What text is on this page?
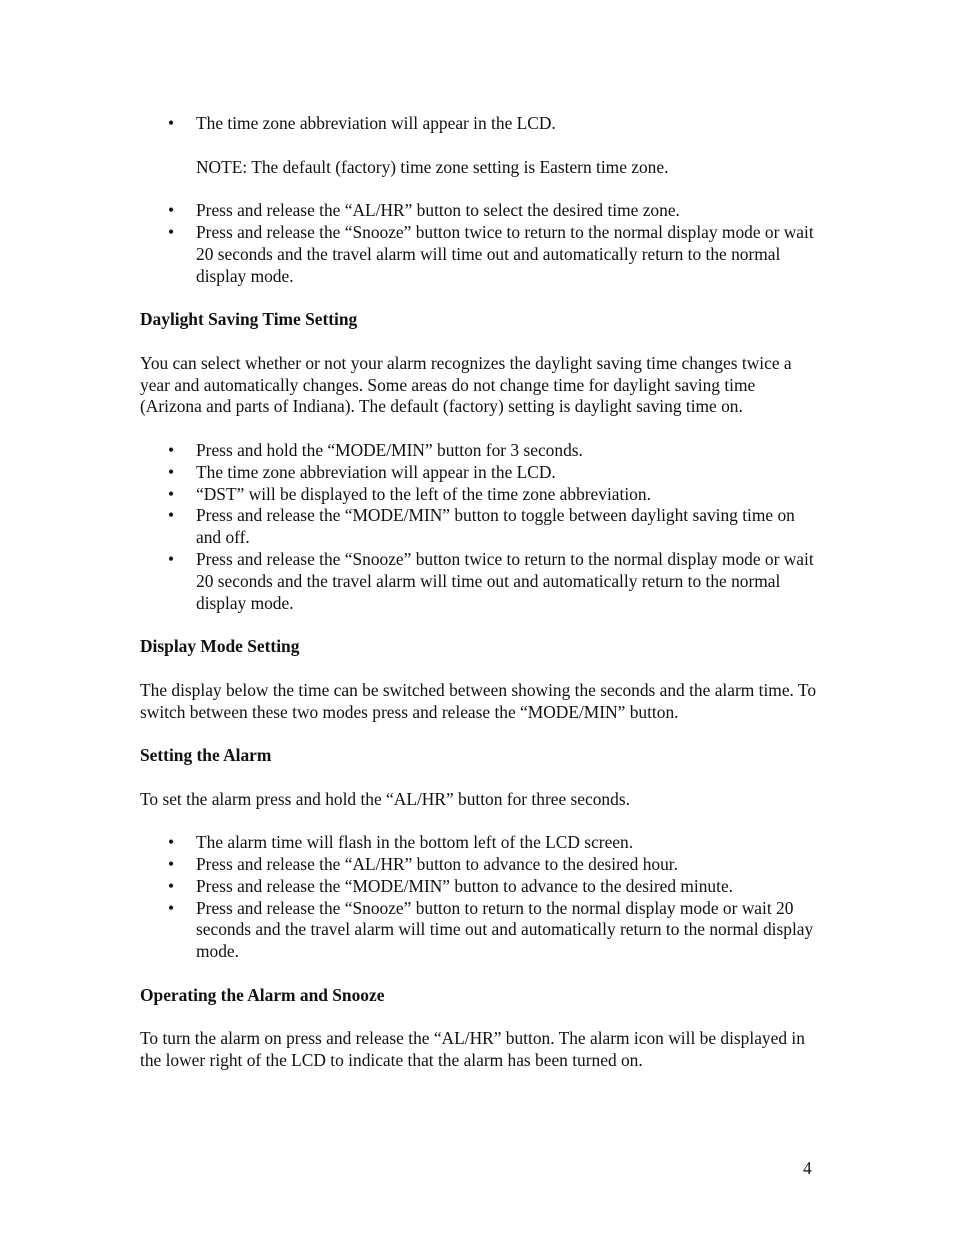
• The time zone abbreviation will appear in the LCD.

NOTE: The default (factory) time zone setting is Eastern time zone.

• Press and release the “AL/HR” button to select the desired time zone.
• Press and release the “Snooze” button twice to return to the normal display mode or wait 20 seconds and the travel alarm will time out and automatically return to the normal display mode.

Daylight Saving Time Setting

You can select whether or not your alarm recognizes the daylight saving time changes twice a year and automatically changes. Some areas do not change time for daylight saving time (Arizona and parts of Indiana). The default (factory) setting is daylight saving time on.

• Press and hold the “MODE/MIN” button for 3 seconds.
• The time zone abbreviation will appear in the LCD.
• “DST” will be displayed to the left of the time zone abbreviation.
• Press and release the “MODE/MIN” button to toggle between daylight saving time on and off.
• Press and release the “Snooze” button twice to return to the normal display mode or wait 20 seconds and the travel alarm will time out and automatically return to the normal display mode.

Display Mode Setting

The display below the time can be switched between showing the seconds and the alarm time. To switch between these two modes press and release the “MODE/MIN” button.

Setting the Alarm

To set the alarm press and hold the “AL/HR” button for three seconds.

• The alarm time will flash in the bottom left of the LCD screen.
• Press and release the “AL/HR” button to advance to the desired hour.
• Press and release the “MODE/MIN” button to advance to the desired minute.
• Press and release the “Snooze” button to return to the normal display mode or wait 20 seconds and the travel alarm will time out and automatically return to the normal display mode.

Operating the Alarm and Snooze

To turn the alarm on press and release the “AL/HR” button. The alarm icon will be displayed in the lower right of the LCD to indicate that the alarm has been turned on.

4
